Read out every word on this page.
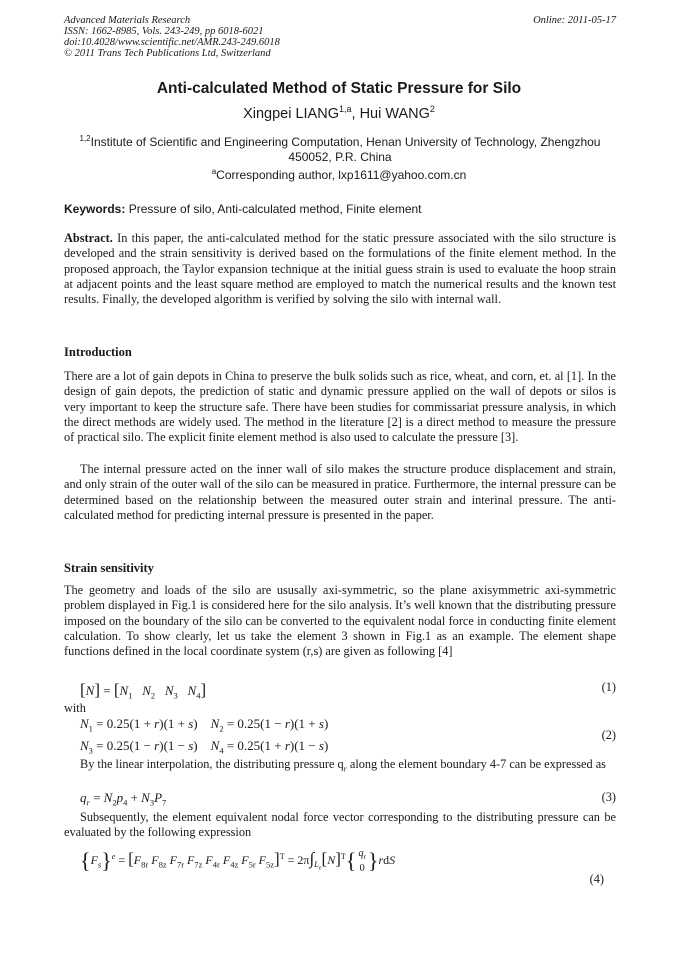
Advanced Materials Research
ISSN: 1662-8985, Vols. 243-249, pp 6018-6021
doi:10.4028/www.scientific.net/AMR.243-249.6018
© 2011 Trans Tech Publications Ltd, Switzerland
Online: 2011-05-17
Anti-calculated Method of Static Pressure for Silo
Xingpei LIANG$^{1,a}$, Hui WANG$^2$
$^{1,2}$Institute of Scientific and Engineering Computation, Henan University of Technology, Zhengzhou 450052, P.R. China
$^a$Corresponding author, lxp1611@yahoo.com.cn
Keywords: Pressure of silo, Anti-calculated method, Finite element
Abstract. In this paper, the anti-calculated method for the static pressure associated with the silo structure is developed and the strain sensitivity is derived based on the formulations of the finite element method. In the proposed approach, the Taylor expansion technique at the initial guess strain is used to evaluate the hoop strain at adjacent points and the least square method are employed to match the numerical results and the known test results. Finally, the developed algorithm is verified by solving the silo with internal wall.
Introduction
There are a lot of gain depots in China to preserve the bulk solids such as rice, wheat, and corn, et. al [1]. In the design of gain depots, the prediction of static and dynamic pressure applied on the wall of depots or silos is very important to keep the structure safe. There have been studies for commissariat pressure analysis, in which the direct methods are widely used. The method in the literature [2] is a direct method to measure the pressure of practical silo. The explicit finite element method is also used to calculate the pressure [3].
The internal pressure acted on the inner wall of silo makes the structure produce displacement and strain, and only strain of the outer wall of the silo can be measured in pratice. Furthermore, the internal pressure can be determined based on the relationship between the measured outer strain and interinal pressure. The anti-calculated method for predicting internal pressure is presented in the paper.
Strain sensitivity
The geometry and loads of the silo are ususally axi-symmetric, so the plane axisymmetric axi-symmetric problem displayed in Fig.1 is considered here for the silo analysis. It’s well known that the distributing pressure imposed on the boundary of the silo can be converted to the equivalent nodal force in conducting finite element calculation. To show clearly, let us take the element 3 shown in Fig.1 as an example. The element shape functions defined in the local coordinate system (r,s) are given as following [4]
$[N] = [N_1$   $N_2$   $N_3$   $N_4$]	(1)
with
$N_1 = 0.25(1 + r)(1 + s)$    $N_2 = 0.25(1 - r)(1 + s)$
$N_3 = 0.25(1 - r)(1 - s)$    $N_4 = 0.25(1 + r)(1 - s)$
(2)
By the linear interpolation, the distributing pressure $q_r$ along the element boundary 4-7 can be expressed as
$q_r = N_2p_4 + N_3P_7$	(3)
Subsequently, the element equivalent nodal force vector corresponding to the distributing pressure can be evaluated by the following expression
$\{F_s\}^e = [F_{8r}$ $F_{8z}$ $F_{7r}$ $F_{7z}$ $F_{4r}$ $F_{4z}$ $F_{5r}$ $F_{5z}]^T = 2\pi\int_{L_e}[N]^T${ $q_r$
0 }rdS
(4)
